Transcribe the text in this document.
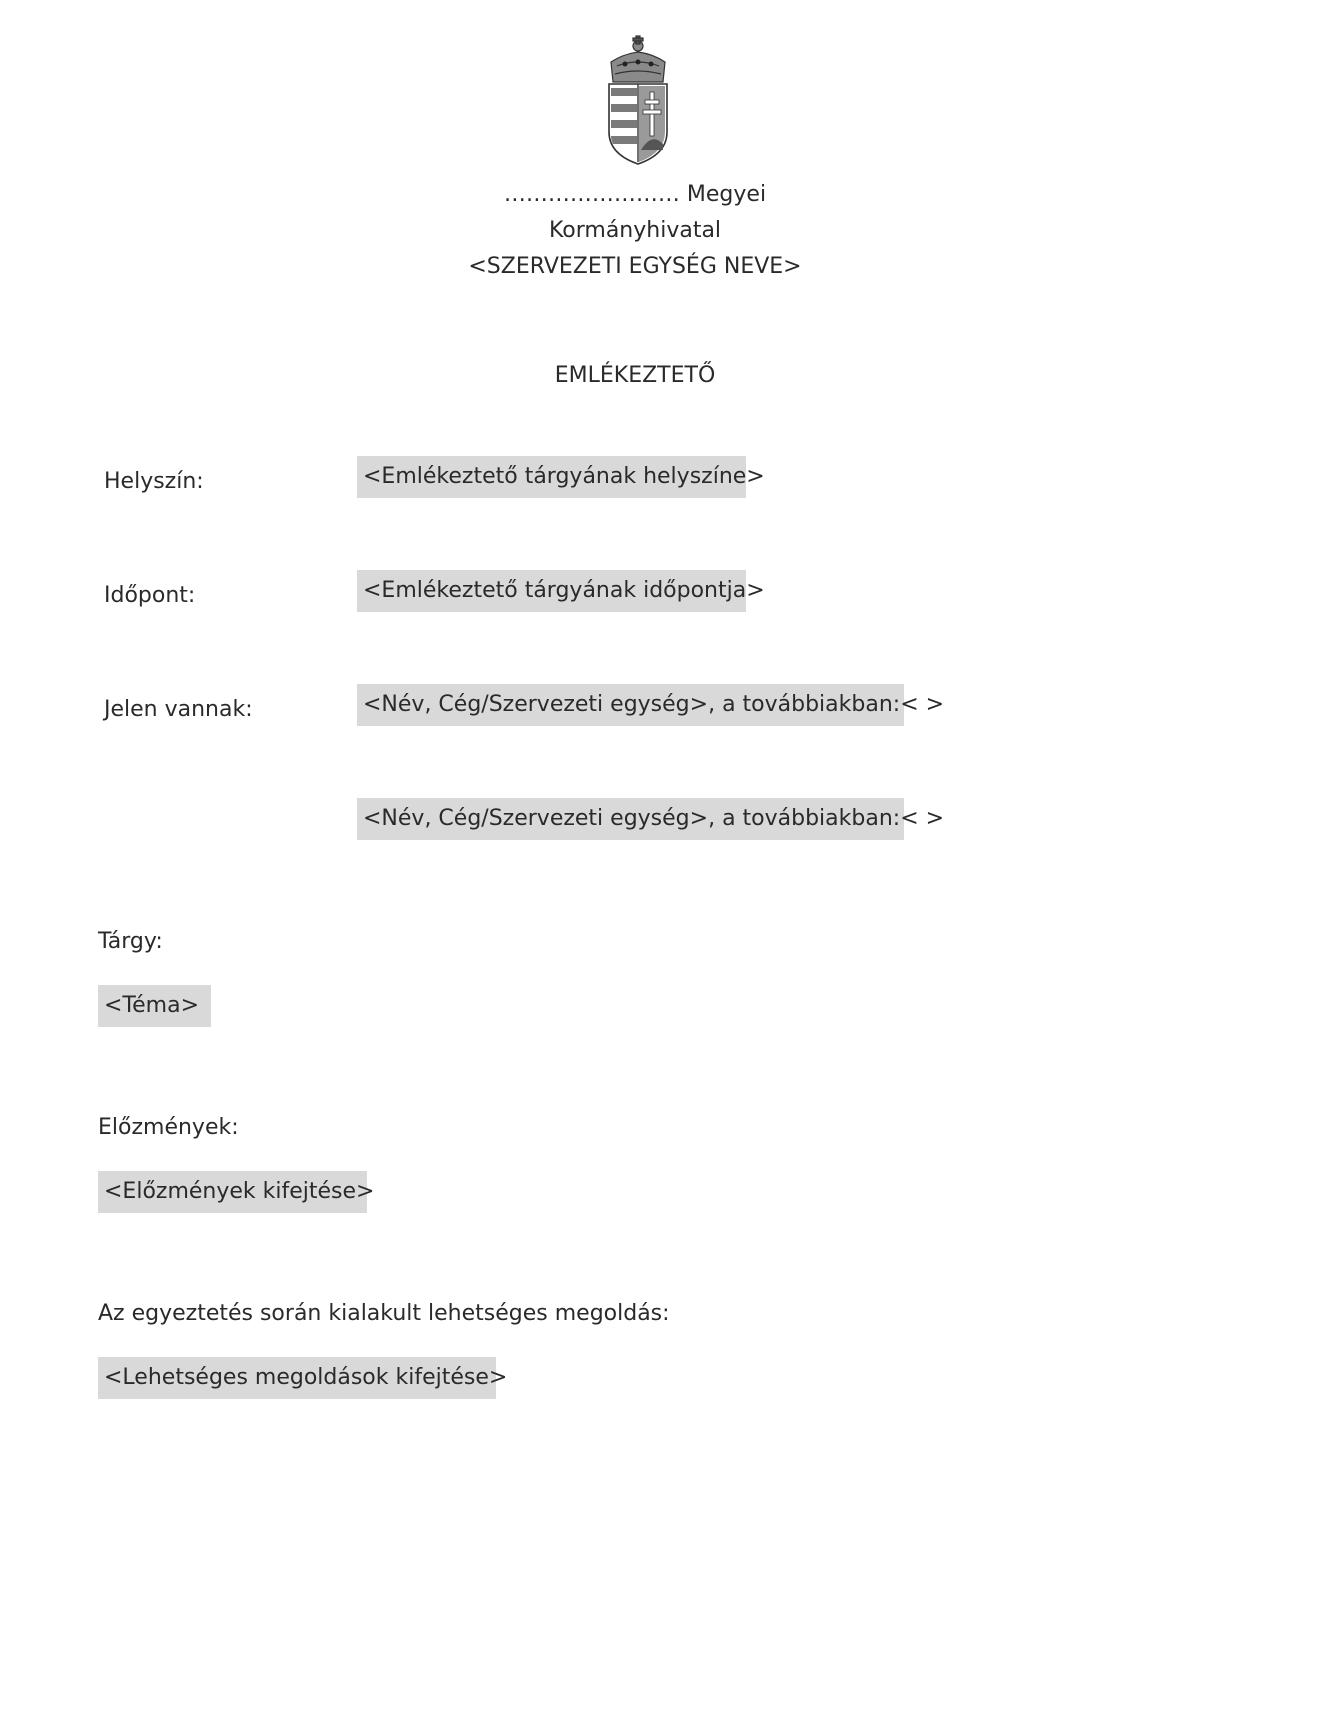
…………………… Megyei
Kormányhivatal
<SZERVEZETI EGYSÉG NEVE>
EMLÉKEZTETŐ
Helyszín:	<Emlékeztető tárgyának helyszíne>
Időpont:	<Emlékeztető tárgyának időpontja>
Jelen vannak:	<Név, Cég/Szervezeti egység>, a továbbiakban:< >
<Név, Cég/Szervezeti egység>, a továbbiakban:< >
Tárgy:
<Téma>
Előzmények:
<Előzmények kifejtése>
Az egyeztetés során kialakult lehetséges megoldás:
<Lehetséges megoldások kifejtése>
